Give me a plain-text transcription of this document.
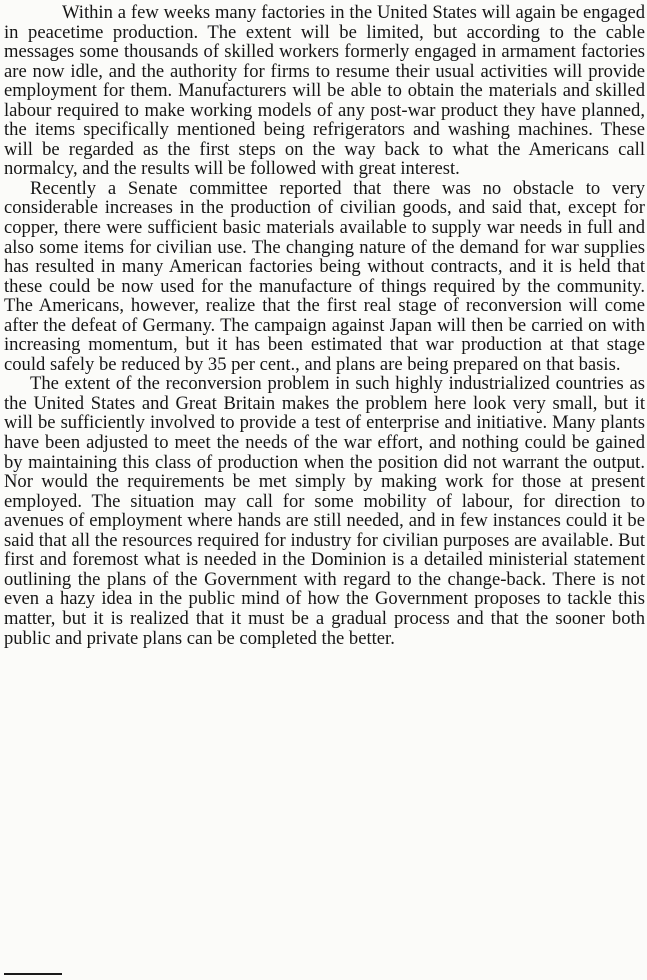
Within a few weeks many factories in the United States will again be engaged in peacetime production. The extent will be limited, but according to the cable messages some thousands of skilled workers formerly engaged in armament factories are now idle, and the authority for firms to resume their usual activities will provide employment for them. Manufacturers will be able to obtain the materials and skilled labour required to make working models of any post-war product they have planned, the items specifically mentioned being refrigerators and washing machines. These will be regarded as the first steps on the way back to what the Americans call normalcy, and the results will be followed with great interest.

Recently a Senate committee reported that there was no obstacle to very considerable increases in the production of civilian goods, and said that, except for copper, there were sufficient basic materials available to supply war needs in full and also some items for civilian use. The changing nature of the demand for war supplies has resulted in many American factories being without contracts, and it is held that these could be now used for the manufacture of things required by the community. The Americans, however, realize that the first real stage of reconversion will come after the defeat of Germany. The campaign against Japan will then be carried on with increasing momentum, but it has been estimated that war production at that stage could safely be reduced by 35 per cent., and plans are being prepared on that basis.

The extent of the reconversion problem in such highly industrialized countries as the United States and Great Britain makes the problem here look very small, but it will be sufficiently involved to provide a test of enterprise and initiative. Many plants have been adjusted to meet the needs of the war effort, and nothing could be gained by maintaining this class of production when the position did not warrant the output. Nor would the requirements be met simply by making work for those at present employed. The situation may call for some mobility of labour, for direction to avenues of employment where hands are still needed, and in few instances could it be said that all the resources required for industry for civilian purposes are available. But first and foremost what is needed in the Dominion is a detailed ministerial statement outlining the plans of the Government with regard to the change-back. There is not even a hazy idea in the public mind of how the Government proposes to tackle this matter, but it is realized that it must be a gradual process and that the sooner both public and private plans can be completed the better.
